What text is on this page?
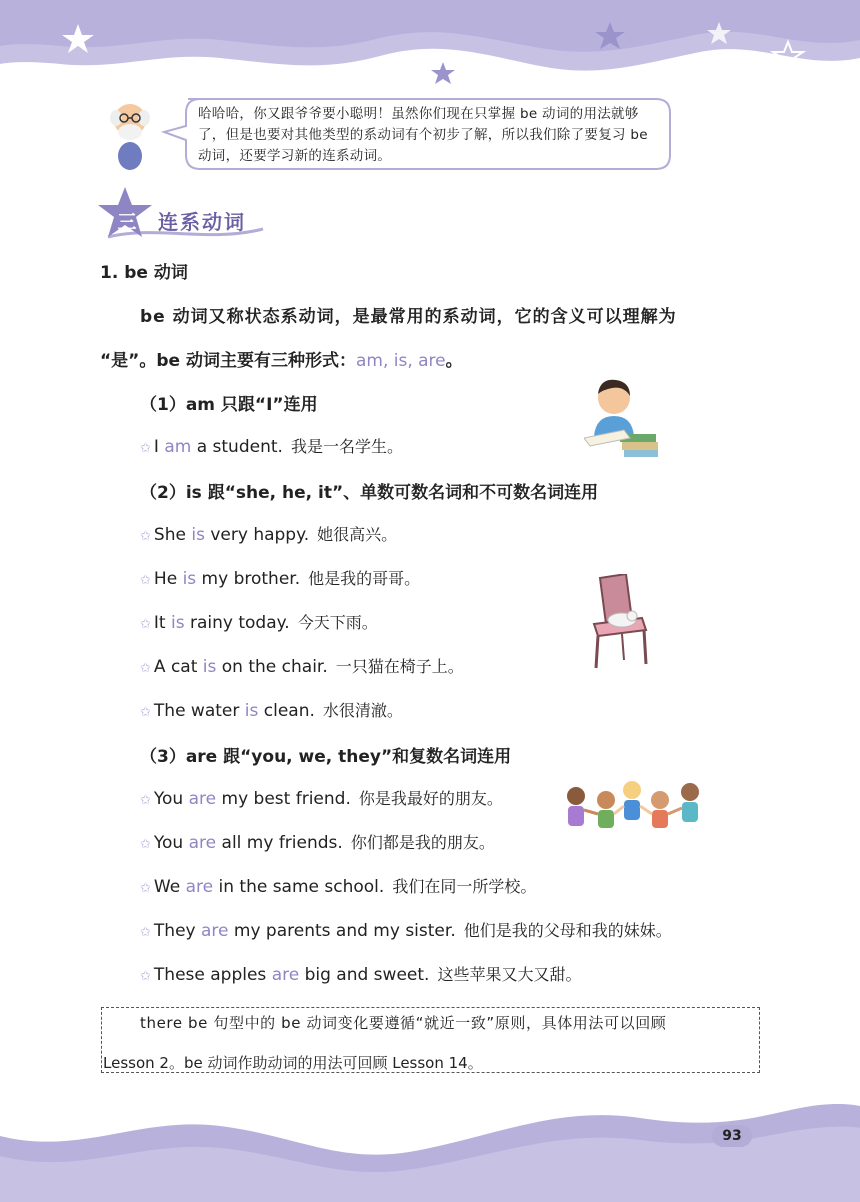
哈哈哈，你又跟爷爷要小聪明！虽然你们现在只掌握 be 动词的用法就够了，但是也要对其他类型的系动词有个初步了解，所以我们除了要复习 be 动词，还要学习新的连系动词。
三 连系动词
1. be 动词
be 动词又称状态系动词，是最常用的系动词，它的含义可以理解为
“是”。be 动词主要有三种形式：am, is, are。
（1）am 只跟“I”连用
✩ I am a student. 我是一名学生。
（2）is 跟“she, he, it”、单数可数名词和不可数名词连用
✩ She is very happy. 她很高兴。
✩ He is my brother. 他是我的哥哥。
✩ It is rainy today. 今天下雨。
✩ A cat is on the chair. 一只猫在椅子上。
✩ The water is clean. 水很清澈。
（3）are 跟“you, we, they”和复数名词连用
✩ You are my best friend. 你是我最好的朋友。
✩ You are all my friends. 你们都是我的朋友。
✩ We are in the same school. 我们在同一所学校。
✩ They are my parents and my sister. 他们是我的父母和我的妹妹。
✩ These apples are big and sweet. 这些苹果又大又甜。
there be 句型中的 be 动词变化要遵循“就近一致”原则，具体用法可以回顾
Lesson 2。be 动词作助动词的用法可回顾 Lesson 14。
93
